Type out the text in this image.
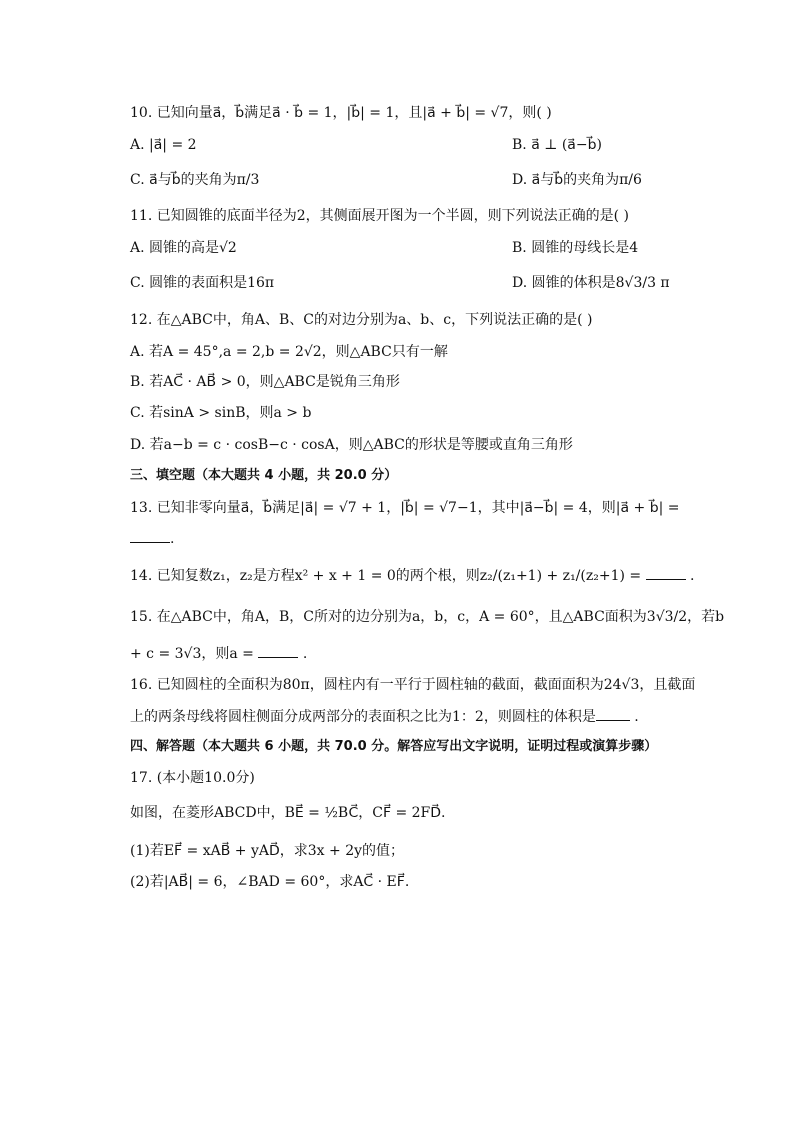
10. 已知向量a⃗，b⃗满足a⃗ · b⃗ = 1，|b⃗| = 1，且|a⃗ + b⃗| = √7，则( )
A. |a⃗| = 2	B. a⃗ ⊥ (a⃗−b⃗)
C. a⃗与b⃗的夹角为π/3	D. a⃗与b⃗的夹角为π/6
11. 已知圆锥的底面半径为2，其侧面展开图为一个半圆，则下列说法正确的是( )
A. 圆锥的高是√2	B. 圆锥的母线长是4
C. 圆锥的表面积是16π	D. 圆锥的体积是8√3/3 π
12. 在△ABC中，角A、B、C的对边分别为a、b、c，下列说法正确的是( )
A. 若A = 45°,a = 2,b = 2√2，则△ABC只有一解
B. 若AC⃗ · AB⃗ > 0，则△ABC是锐角三角形
C. 若sinA > sinB，则a > b
D. 若a−b = c · cosB−c · cosA，则△ABC的形状是等腰或直角三角形
三、填空题（本大题共 4 小题，共 20.0 分）
13. 已知非零向量a⃗，b⃗满足|a⃗| = √7 + 1，|b⃗| = √7−1，其中|a⃗−b⃗| = 4，则|a⃗ + b⃗| =
.
14. 已知复数z₁，z₂是方程x² + x + 1 = 0的两个根，则z₂/(z₁+1) + z₁/(z₂+1) =	.
15. 在△ABC中，角A，B，C所对的边分别为a，b，c，A = 60°，且△ABC面积为3√3/2，若b
+ c = 3√3，则a =	.
16. 已知圆柱的全面积为80π，圆柱内有一平行于圆柱轴的截面，截面面积为24√3，且截面
上的两条母线将圆柱侧面分成两部分的表面积之比为1：2，则圆柱的体积是	.
四、解答题（本大题共 6 小题，共 70.0 分。解答应写出文字说明，证明过程或演算步骤）
17. (本小题10.0分)
如图，在菱形ABCD中，BE⃗ = ½BC⃗，CF⃗ = 2FD⃗.
(1)若EF⃗ = xAB⃗ + yAD⃗，求3x + 2y的值；
(2)若|AB⃗| = 6，∠BAD = 60°，求AC⃗ · EF⃗.
